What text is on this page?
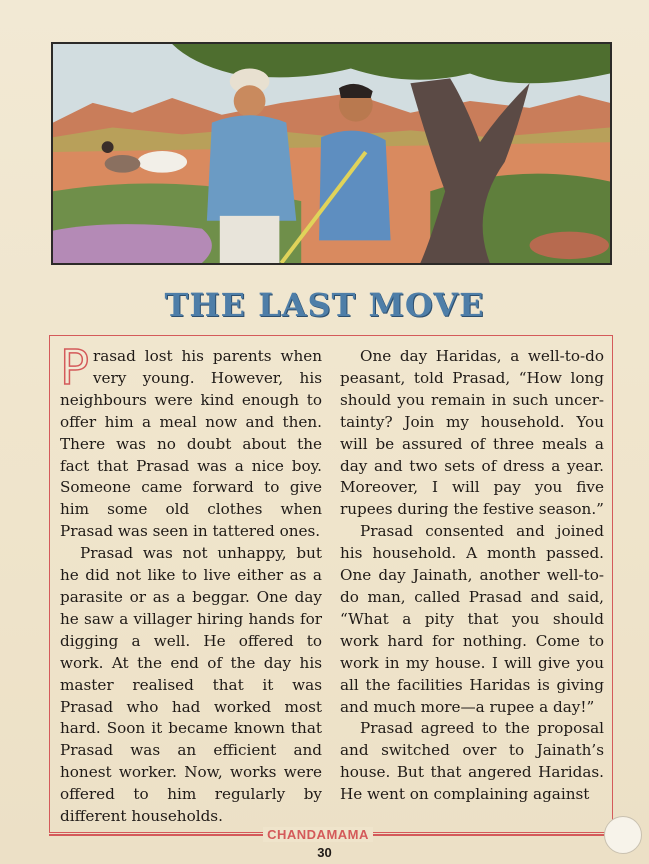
THE LAST MOVE

Prasad lost his parents when very young. However, his neighbours were kind enough to offer him a meal now and then. There was no doubt about the fact that Prasad was a nice boy. Someone came forward to give him some old clothes when Prasad was seen in tattered ones.

Prasad was not unhappy, but he did not like to live either as a parasite or as a beggar. One day he saw a villager hiring hands for digging a well. He offered to work. At the end of the day his master realised that it was Prasad who had worked most hard. Soon it became known that Prasad was an efficient and honest worker. Now, works were offered to him regularly by different households.

One day Haridas, a well-to-do peasant, told Prasad, “How long should you remain in such uncer-tainty? Join my household. You will be assured of three meals a day and two sets of dress a year. Moreover, I will pay you five rupees during the festive season.”

Prasad consented and joined his household. A month passed. One day Jainath, another well-to-do man, called Prasad and said, “What a pity that you should work hard for nothing. Come to work in my house. I will give you all the facilities Haridas is giving and much more—a rupee a day!”

Prasad agreed to the proposal and switched over to Jainath’s house. But that angered Haridas. He went on complaining against

CHANDAMAMA
30
